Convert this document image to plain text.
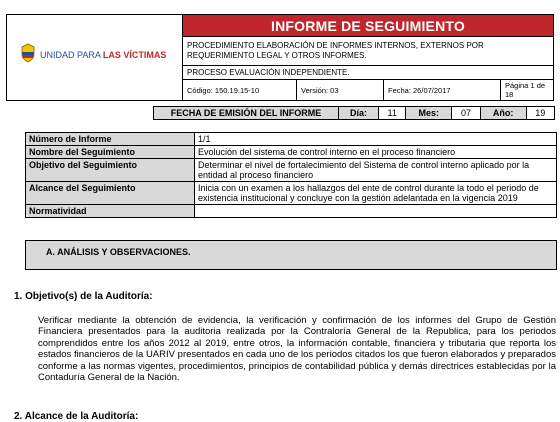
UNIDAD PARA LAS VÍCTIMAS	INFORME DE SEGUIMIENTO			
	PROCEDIMIENTO ELABORACIÓN DE INFORMES INTERNOS, EXTERNOS POR REQUERIMIENTO LEGAL Y OTROS INFORMES.			
	PROCESO EVALUACIÓN INDEPENDIENTE.			
	Código: 150.19.15-10	Versión: 03	Fecha: 26/07/2017	Página 1 de 18
FECHA DE EMISIÓN DEL INFORME	Día:	11	Mes:	07	Año:	19
Número de Informe	1/1
Nombre del Seguimiento	Evolución del sistema de control interno en el proceso financiero
Objetivo del Seguimiento	Determinar el nivel de fortalecimiento del Sistema de control interno aplicado por la entidad al proceso financiero
Alcance del Seguimiento	Inicia con un examen a los hallazgos del ente de control durante la todo el periodo de existencia institucional y concluye con la gestión adelantada en la vigencia 2019
Normatividad	
A. ANÁLISIS Y OBSERVACIONES.
1. Objetivo(s) de la Auditoría:
Verificar mediante la obtención de evidencia, la verificación y confirmación de los informes del Grupo de Gestión Financiera presentados para la auditoria realizada por la Contraloría General de la Republica, para los periodos comprendidos entre los años 2012 al 2019, entre otros, la información contable, financiera y tributaria que reporta los estados financieros de la UARIV presentados en cada uno de los periodos citados los que fueron elaborados y preparados conforme a las normas vigentes, procedimientos, principios de contabilidad pública y demás directrices establecidas por la Contaduría General de la Nación.
2. Alcance de la Auditoría:
